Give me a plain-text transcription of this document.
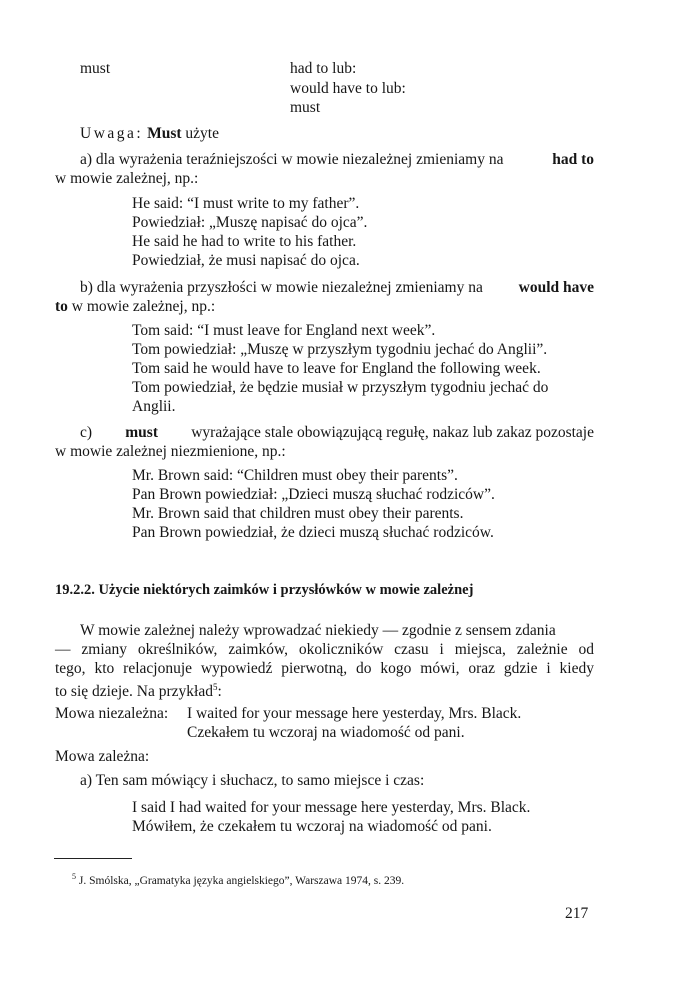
must	had to lub:
would have to lub:
must
Uwaga: Must użyte
a) dla wyrażenia teraźniejszości w mowie niezależnej zmieniamy na	had to
w mowie zależnej, np.:
He said: “I must write to my father”.
Powiedział: „Muszę napisać do ojca”.
He said he had to write to his father.
Powiedział, że musi napisać do ojca.
b) dla wyrażenia przyszłości w mowie niezależnej zmieniamy na would have
to w mowie zależnej, np.:
Tom said: “I must leave for England next week”.
Tom powiedział: „Muszę w przyszłym tygodniu jechać do Anglii”.
Tom said he would have to leave for England the following week.
Tom powiedział, że będzie musiał w przyszłym tygodniu jechać do
Anglii.
c) must wyrażające stale obowiązującą regułę, nakaz lub zakaz pozostaje
w mowie zależnej niezmienione, np.:
Mr. Brown said: “Children must obey their parents”.
Pan Brown powiedział: „Dzieci muszą słuchać rodziców”.
Mr. Brown said that children must obey their parents.
Pan Brown powiedział, że dzieci muszą słuchać rodziców.
19.2.2. Użycie niektórych zaimków i przysłówków w mowie zależnej
W mowie zależnej należy wprowadzać niekiedy — zgodnie z sensem zdania
— zmiany określników, zaimków, okoliczników czasu i miejsca, zależnie od
tego, kto relacjonuje wypowiedź pierwotną, do kogo mówi, oraz gdzie i kiedy
to się dzieje. Na przykład$^5$:
Mowa niezależna: I waited for your message here yesterday, Mrs. Black.
Czekałem tu wczoraj na wiadomość od pani.
Mowa zależna:
a) Ten sam mówiący i słuchacz, to samo miejsce i czas:
I said I had waited for your message here yesterday, Mrs. Black.
Mówiłem, że czekałem tu wczoraj na wiadomość od pani.
$^5$ J. Smólska, „Gramatyka języka angielskiego”, Warszawa 1974, s. 239.
217
